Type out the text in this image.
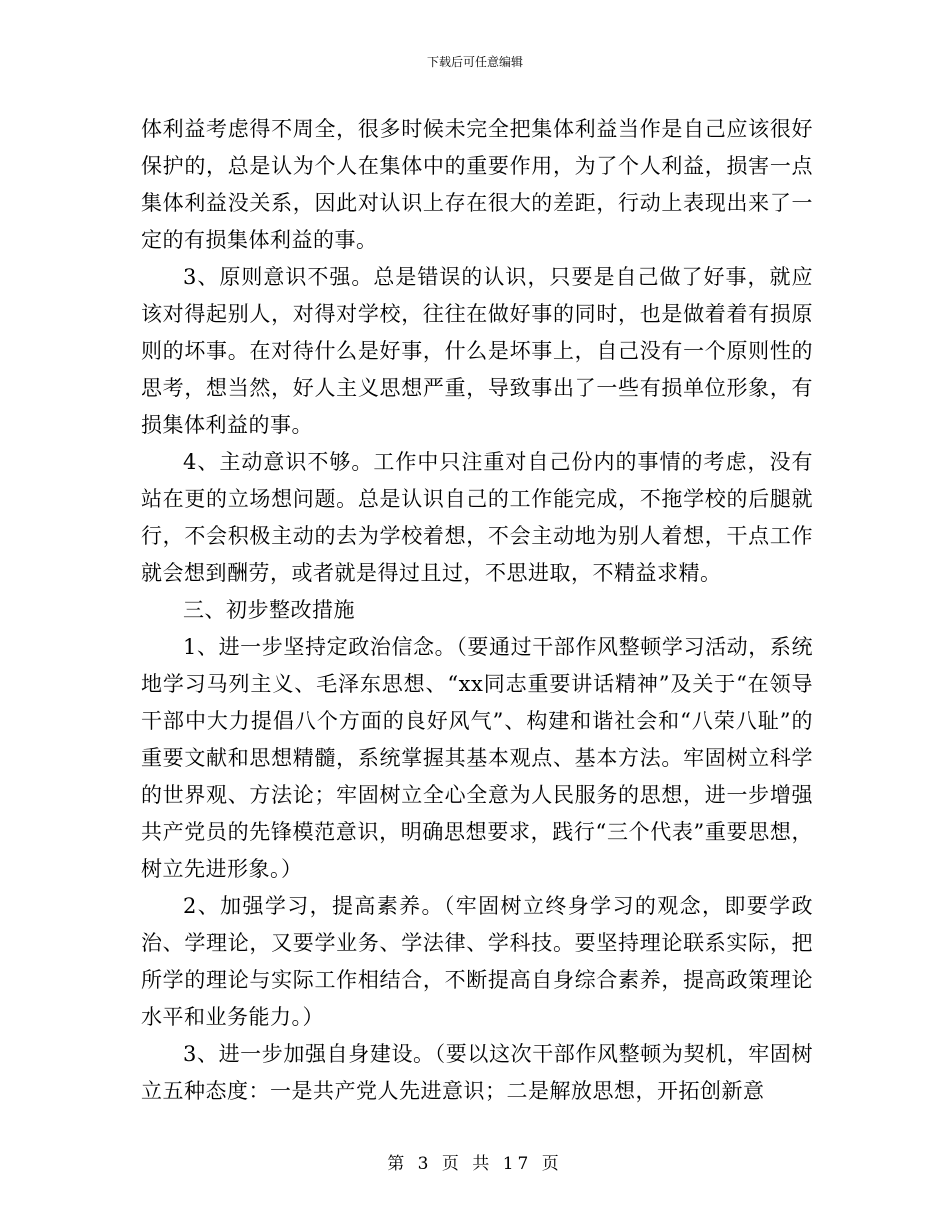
下载后可任意编辑

体利益考虑得不周全，很多时候未完全把集体利益当作是自己应该很好保护的，总是认为个人在集体中的重要作用，为了个人利益，损害一点集体利益没关系，因此对认识上存在很大的差距，行动上表现出来了一定的有损集体利益的事。

3、原则意识不强。总是错误的认识，只要是自己做了好事，就应该对得起别人，对得对学校，往往在做好事的同时，也是做着着有损原则的坏事。在对待什么是好事，什么是坏事上，自己没有一个原则性的思考，想当然，好人主义思想严重，导致事出了一些有损单位形象，有损集体利益的事。

4、主动意识不够。工作中只注重对自己份内的事情的考虑，没有站在更的立场想问题。总是认识自己的工作能完成，不拖学校的后腿就行，不会积极主动的去为学校着想，不会主动地为别人着想，干点工作就会想到酬劳，或者就是得过且过，不思进取，不精益求精。

三、初步整改措施

1、进一步坚持定政治信念。（要通过干部作风整顿学习活动，系统地学习马列主义、毛泽东思想、“xx同志重要讲话精神”及关于“在领导干部中大力提倡八个方面的良好风气”、构建和谐社会和“八荣八耻”的重要文献和思想精髓，系统掌握其基本观点、基本方法。牢固树立科学的世界观、方法论；牢固树立全心全意为人民服务的思想，进一步增强共产党员的先锋模范意识，明确思想要求，践行“三个代表”重要思想，树立先进形象。）

2、加强学习，提高素养。（牢固树立终身学习的观念，即要学政治、学理论，又要学业务、学法律、学科技。要坚持理论联系实际，把所学的理论与实际工作相结合，不断提高自身综合素养，提高政策理论水平和业务能力。）

3、进一步加强自身建设。（要以这次干部作风整顿为契机，牢固树立五种态度：一是共产党人先进意识；二是解放思想，开拓创新意

第 3 页 共 17 页
